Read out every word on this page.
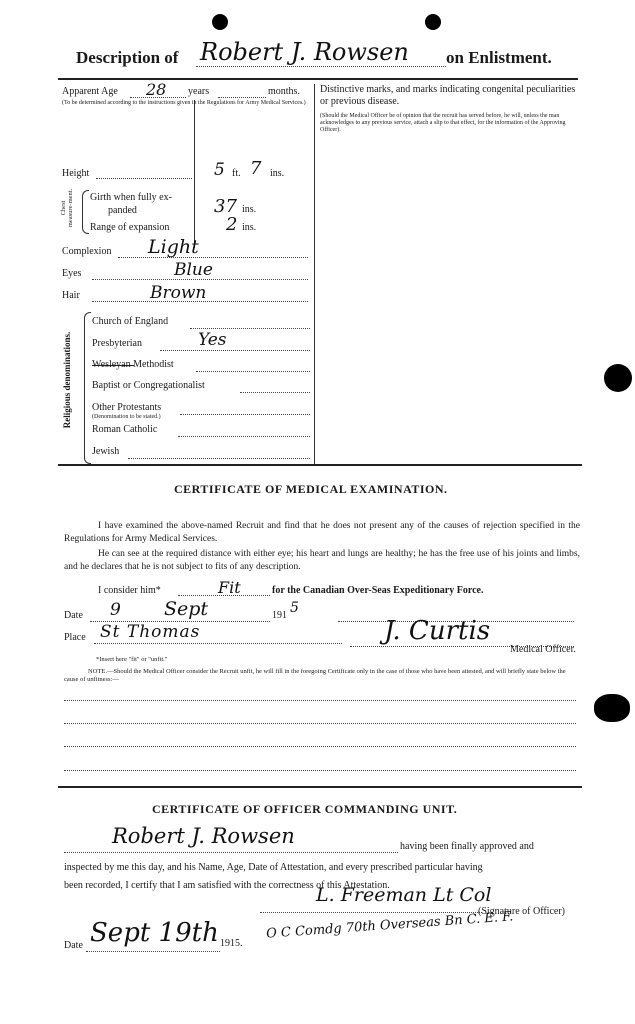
Description of Robert J. Rowsen on Enlistment.
Apparent Age 28 years	months.
(To be determined according to the instructions given in the Regulations for Army Medical Services.)
Height	5 ft. 7 ins.
Chest measure-ment. Girth when fully ex-
panded	37 ins.
Range of expansion	2 ins.
Complexion Light
Eyes	Blue
Hair	Brown
Religious denominations.
Church of England
Presbyterian	Yes
Wesleyan Methodist
Baptist or Congregationalist
Other Protestants
(Denomination to be stated.)
Roman Catholic
Jewish
Distinctive marks, and marks indicating congenital peculiarities or previous disease.
(Should the Medical Officer be of opinion that the recruit has served before, he will, unless the man acknowledges to any previous service, attach a slip to that effect, for the information of the Approving Officer).
CERTIFICATE OF MEDICAL EXAMINATION.
I have examined the above-named Recruit and find that he does not present any of the causes of rejection specified in the Regulations for Army Medical Services.
He can see at the required distance with either eye; his heart and lungs are healthy; he has the free use of his joints and limbs, and he declares that he is not subject to fits of any description.
I consider him*	Fit	for the Canadian Over-Seas Expeditionary Force.
Date 9 Sept	191 5
Place St Thomas	J. Curtis
Medical Officer.
*Insert here "fit" or "unfit."
NOTE.—Should the Medical Officer consider the Recruit unfit, he will fill in the foregoing Certificate only in the case of those who have been attested, and will briefly state below the cause of unfitness:—
CERTIFICATE OF OFFICER COMMANDING UNIT.
Robert J. Rowsen	having been finally approved and
inspected by me this day, and his Name, Age, Date of Attestation, and every prescribed particular having
been recorded, I certify that I am satisfied with the correctness of this Attestation.
L. Freeman Lt Col
(Signature of Officer)
O C Comdg 70th Overseas Bn C. E. F.
Date Sept 19th 1915.
